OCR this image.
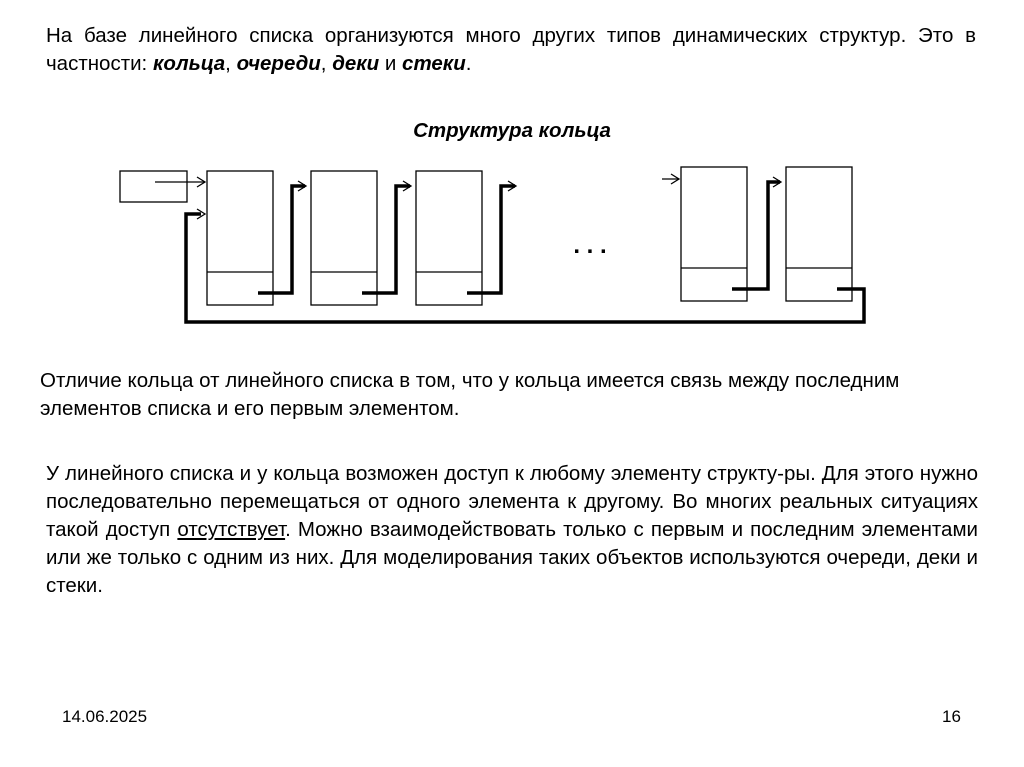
На базе линейного списка организуются много других типов динамических структур. Это в частности: кольца, очереди, деки и стеки.

Структура кольца
. . .

Отличие кольца от линейного списка в том, что у кольца имеется связь между последним элементов списка и его первым элементом.

У линейного списка и у кольца возможен доступ к любому элементу структу-ры. Для этого нужно последовательно перемещаться от одного элемента к другому. Во многих реальных ситуациях такой доступ отсутствует. Можно взаимодействовать только с первым и последним элементами или же только с одним из них. Для моделирования таких объектов используются очереди, деки и стеки.

14.06.2025	16
